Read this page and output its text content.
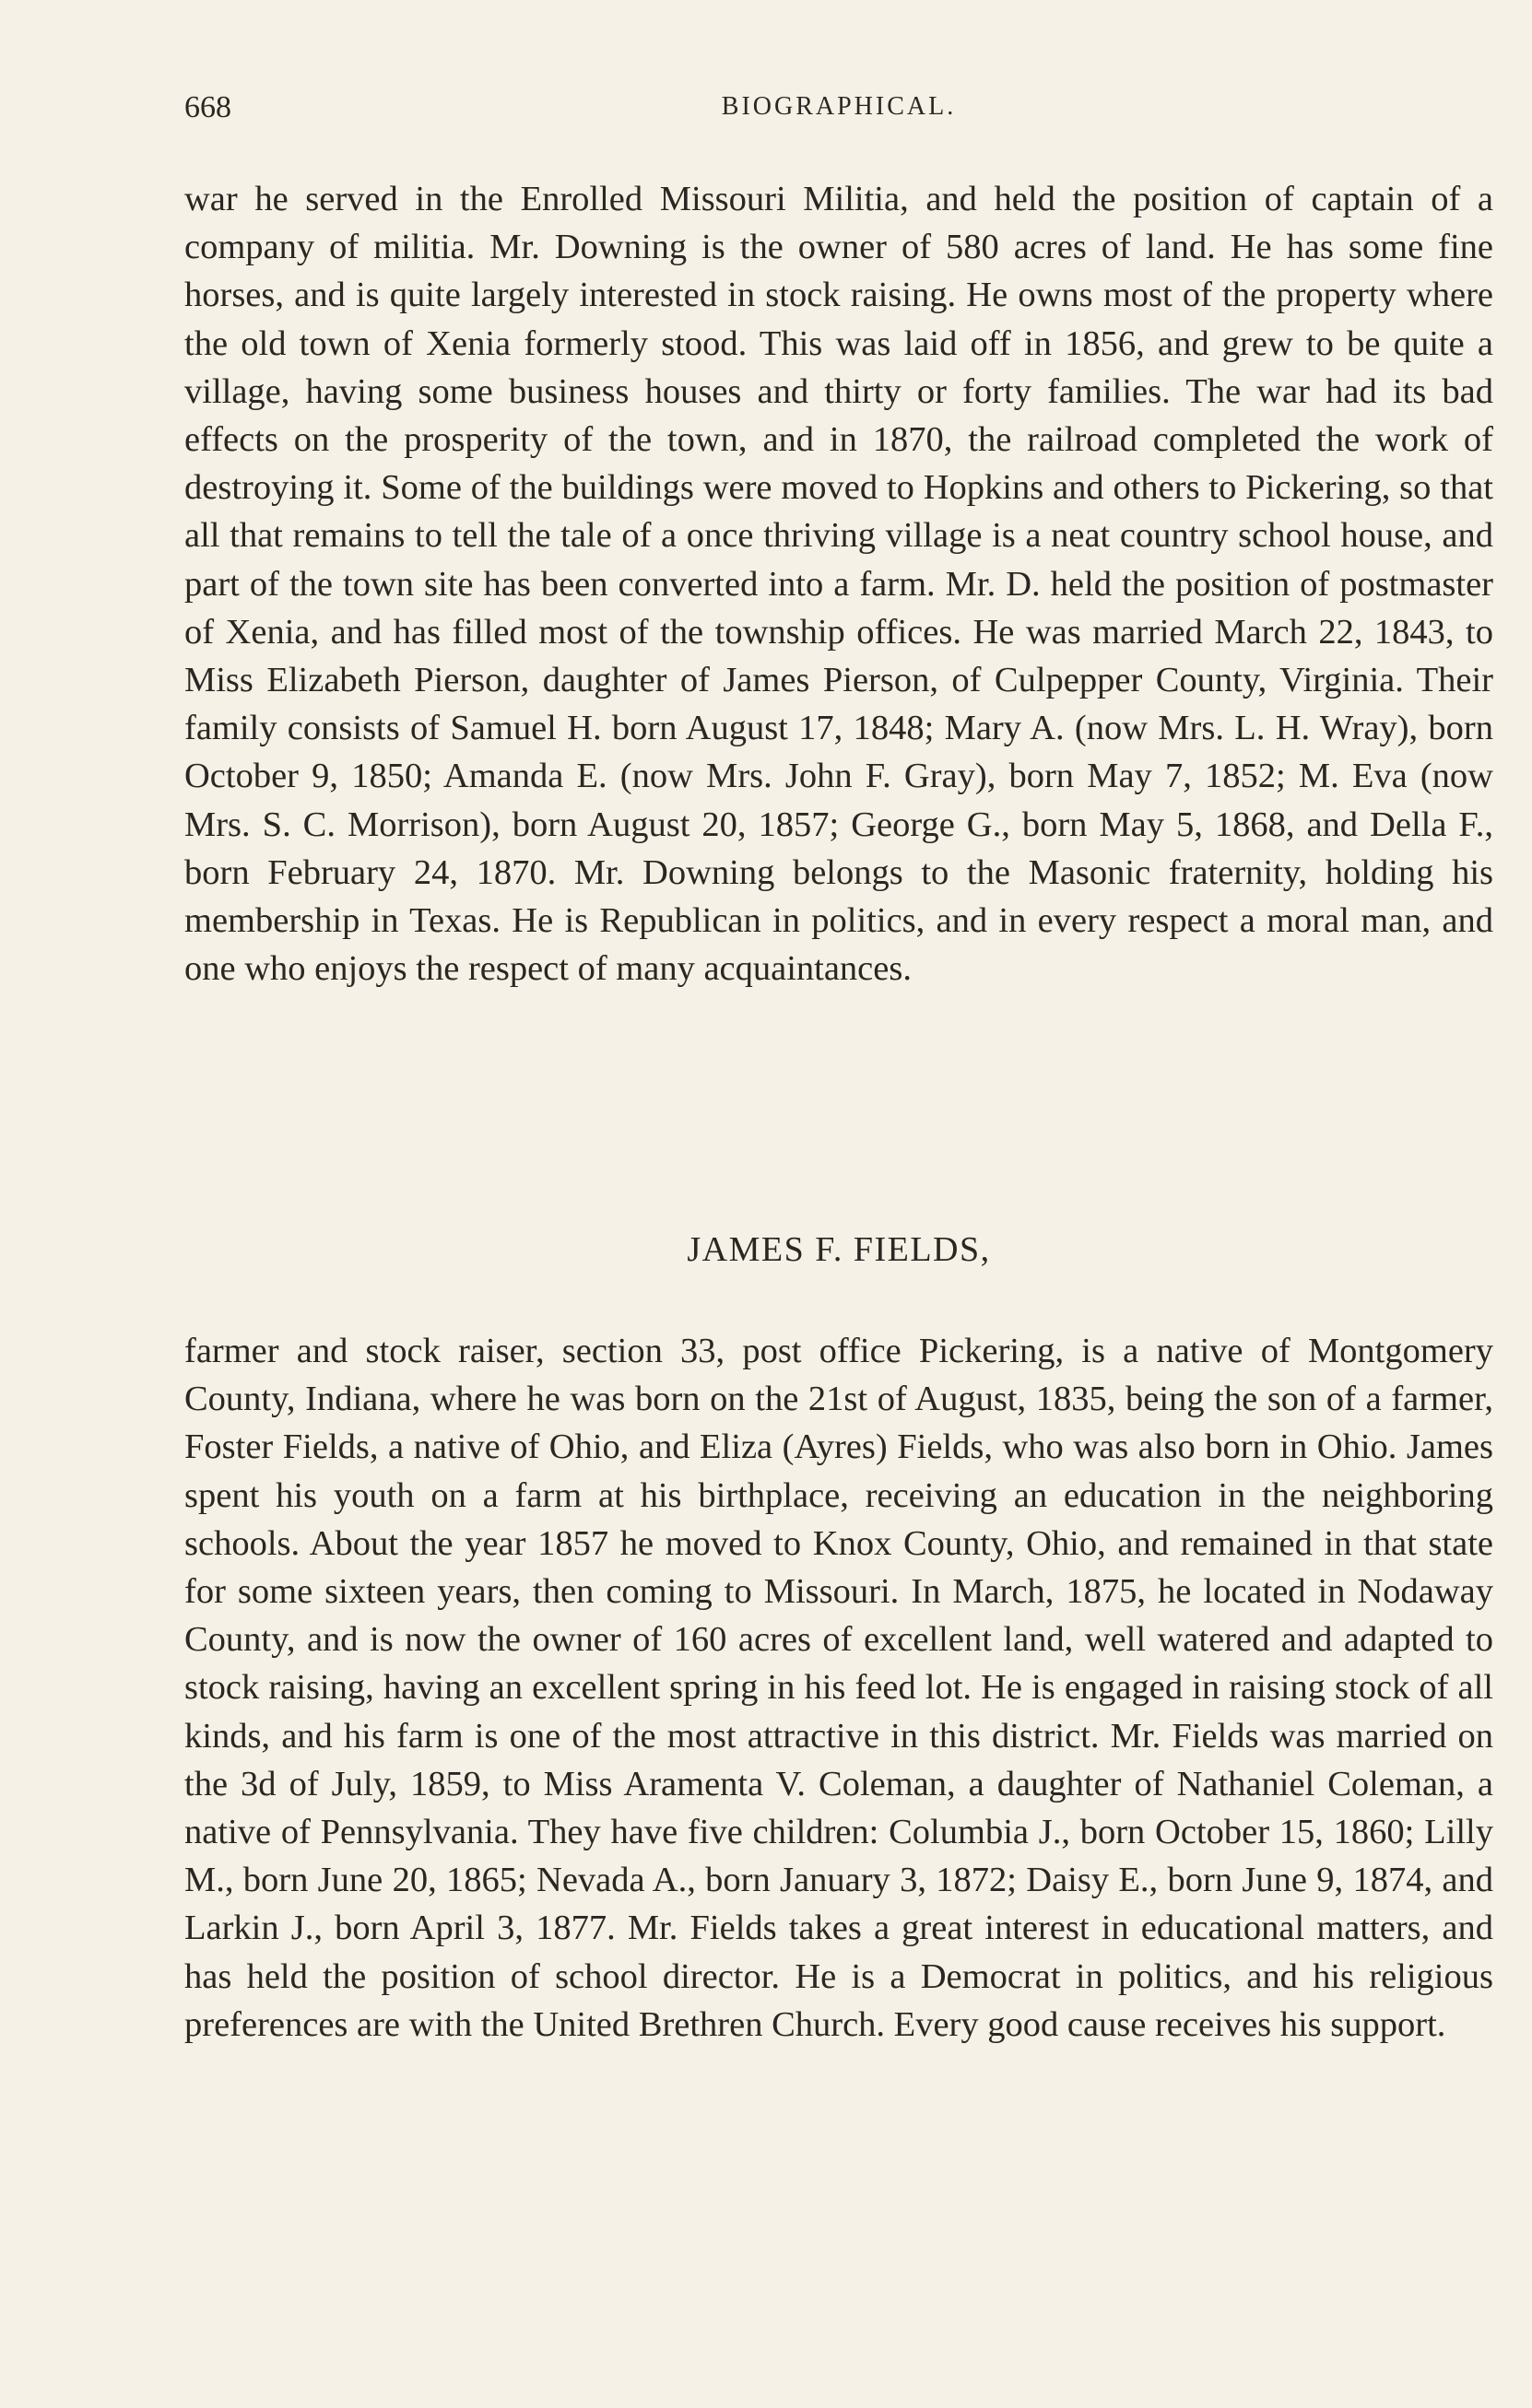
668	BIOGRAPHICAL.

war he served in the Enrolled Missouri Militia, and held the position of captain of a company of militia. Mr. Downing is the owner of 580 acres of land. He has some fine horses, and is quite largely interested in stock raising. He owns most of the property where the old town of Xenia formerly stood. This was laid off in 1856, and grew to be quite a village, having some business houses and thirty or forty families. The war had its bad effects on the prosperity of the town, and in 1870, the railroad completed the work of destroying it. Some of the buildings were moved to Hopkins and others to Pickering, so that all that remains to tell the tale of a once thriving village is a neat country school house, and part of the town site has been converted into a farm. Mr. D. held the position of postmaster of Xenia, and has filled most of the township offices. He was married March 22, 1843, to Miss Elizabeth Pierson, daughter of James Pierson, of Culpepper County, Virginia. Their family consists of Samuel H. born August 17, 1848; Mary A. (now Mrs. L. H. Wray), born October 9, 1850; Amanda E. (now Mrs. John F. Gray), born May 7, 1852; M. Eva (now Mrs. S. C. Morrison), born August 20, 1857; George G., born May 5, 1868, and Della F., born February 24, 1870. Mr. Downing belongs to the Masonic fraternity, holding his membership in Texas. He is Republican in politics, and in every respect a moral man, and one who enjoys the respect of many acquaintances.

JAMES F. FIELDS,

farmer and stock raiser, section 33, post office Pickering, is a native of Montgomery County, Indiana, where he was born on the 21st of August, 1835, being the son of a farmer, Foster Fields, a native of Ohio, and Eliza (Ayres) Fields, who was also born in Ohio. James spent his youth on a farm at his birthplace, receiving an education in the neighboring schools. About the year 1857 he moved to Knox County, Ohio, and remained in that state for some sixteen years, then coming to Missouri. In March, 1875, he located in Nodaway County, and is now the owner of 160 acres of excellent land, well watered and adapted to stock raising, having an excellent spring in his feed lot. He is engaged in raising stock of all kinds, and his farm is one of the most attractive in this district. Mr. Fields was married on the 3d of July, 1859, to Miss Aramenta V. Coleman, a daughter of Nathaniel Coleman, a native of Pennsylvania. They have five children: Columbia J., born October 15, 1860; Lilly M., born June 20, 1865; Nevada A., born January 3, 1872; Daisy E., born June 9, 1874, and Larkin J., born April 3, 1877. Mr. Fields takes a great interest in educational matters, and has held the position of school director. He is a Democrat in politics, and his religious preferences are with the United Brethren Church. Every good cause receives his support.
